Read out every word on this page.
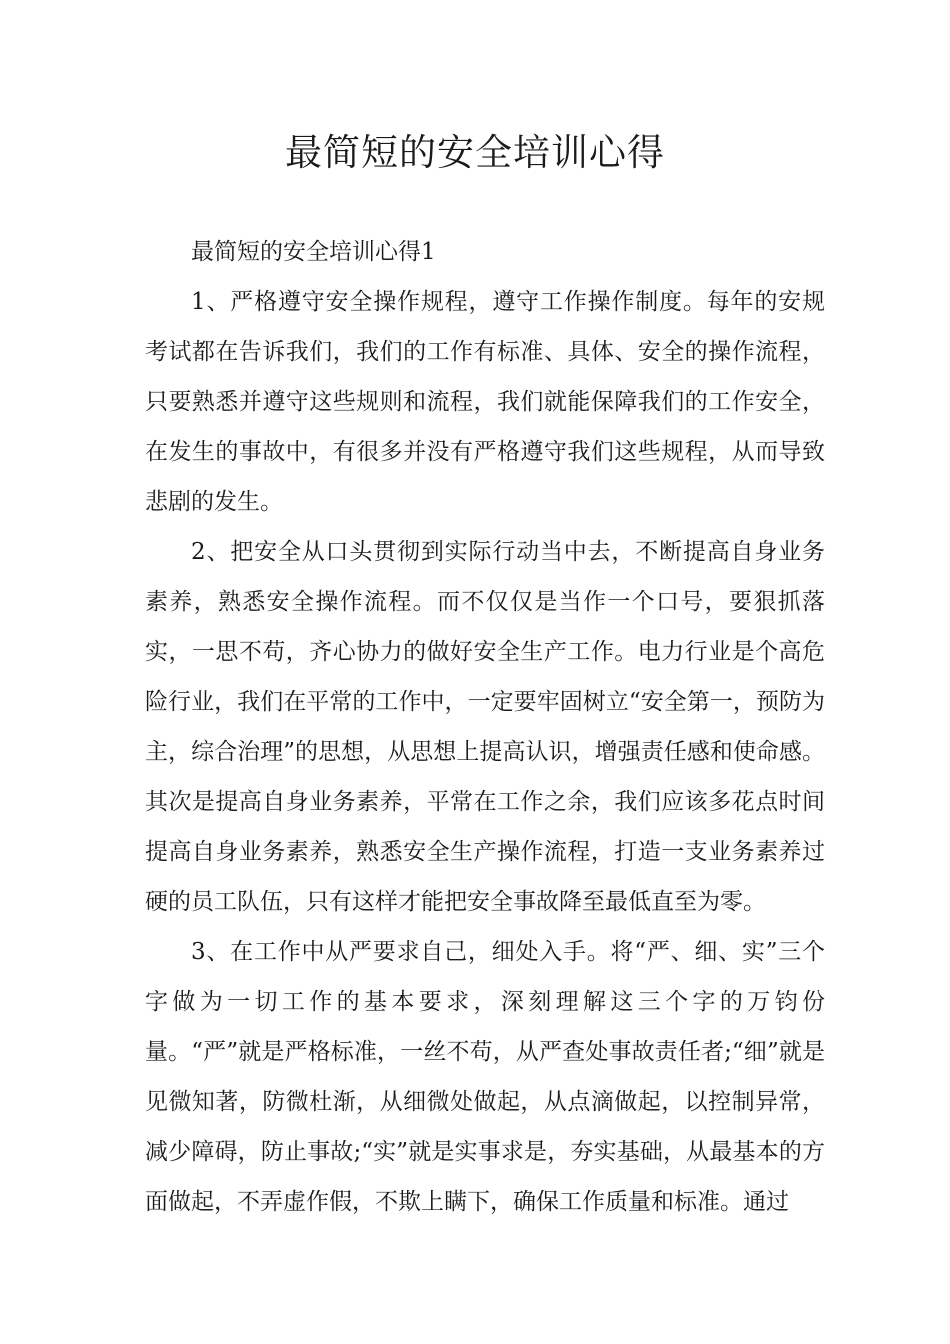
最简短的安全培训心得

最简短的安全培训心得1

1、严格遵守安全操作规程，遵守工作操作制度。每年的安规考试都在告诉我们，我们的工作有标准、具体、安全的操作流程，只要熟悉并遵守这些规则和流程，我们就能保障我们的工作安全，在发生的事故中，有很多并没有严格遵守我们这些规程，从而导致悲剧的发生。

2、把安全从口头贯彻到实际行动当中去，不断提高自身业务素养，熟悉安全操作流程。而不仅仅是当作一个口号，要狠抓落实，一思不苟，齐心协力的做好安全生产工作。电力行业是个高危险行业，我们在平常的工作中，一定要牢固树立“安全第一，预防为主，综合治理”的思想，从思想上提高认识，增强责任感和使命感。其次是提高自身业务素养，平常在工作之余，我们应该多花点时间提高自身业务素养，熟悉安全生产操作流程，打造一支业务素养过硬的员工队伍，只有这样才能把安全事故降至最低直至为零。

3、在工作中从严要求自己，细处入手。将“严、细、实”三个字做为一切工作的基本要求，深刻理解这三个字的万钧份量。“严”就是严格标准，一丝不苟，从严查处事故责任者;“细”就是见微知著，防微杜渐，从细微处做起，从点滴做起，以控制异常，减少障碍，防止事故;“实”就是实事求是，夯实基础，从最基本的方面做起，不弄虚作假，不欺上瞒下，确保工作质量和标准。通过
